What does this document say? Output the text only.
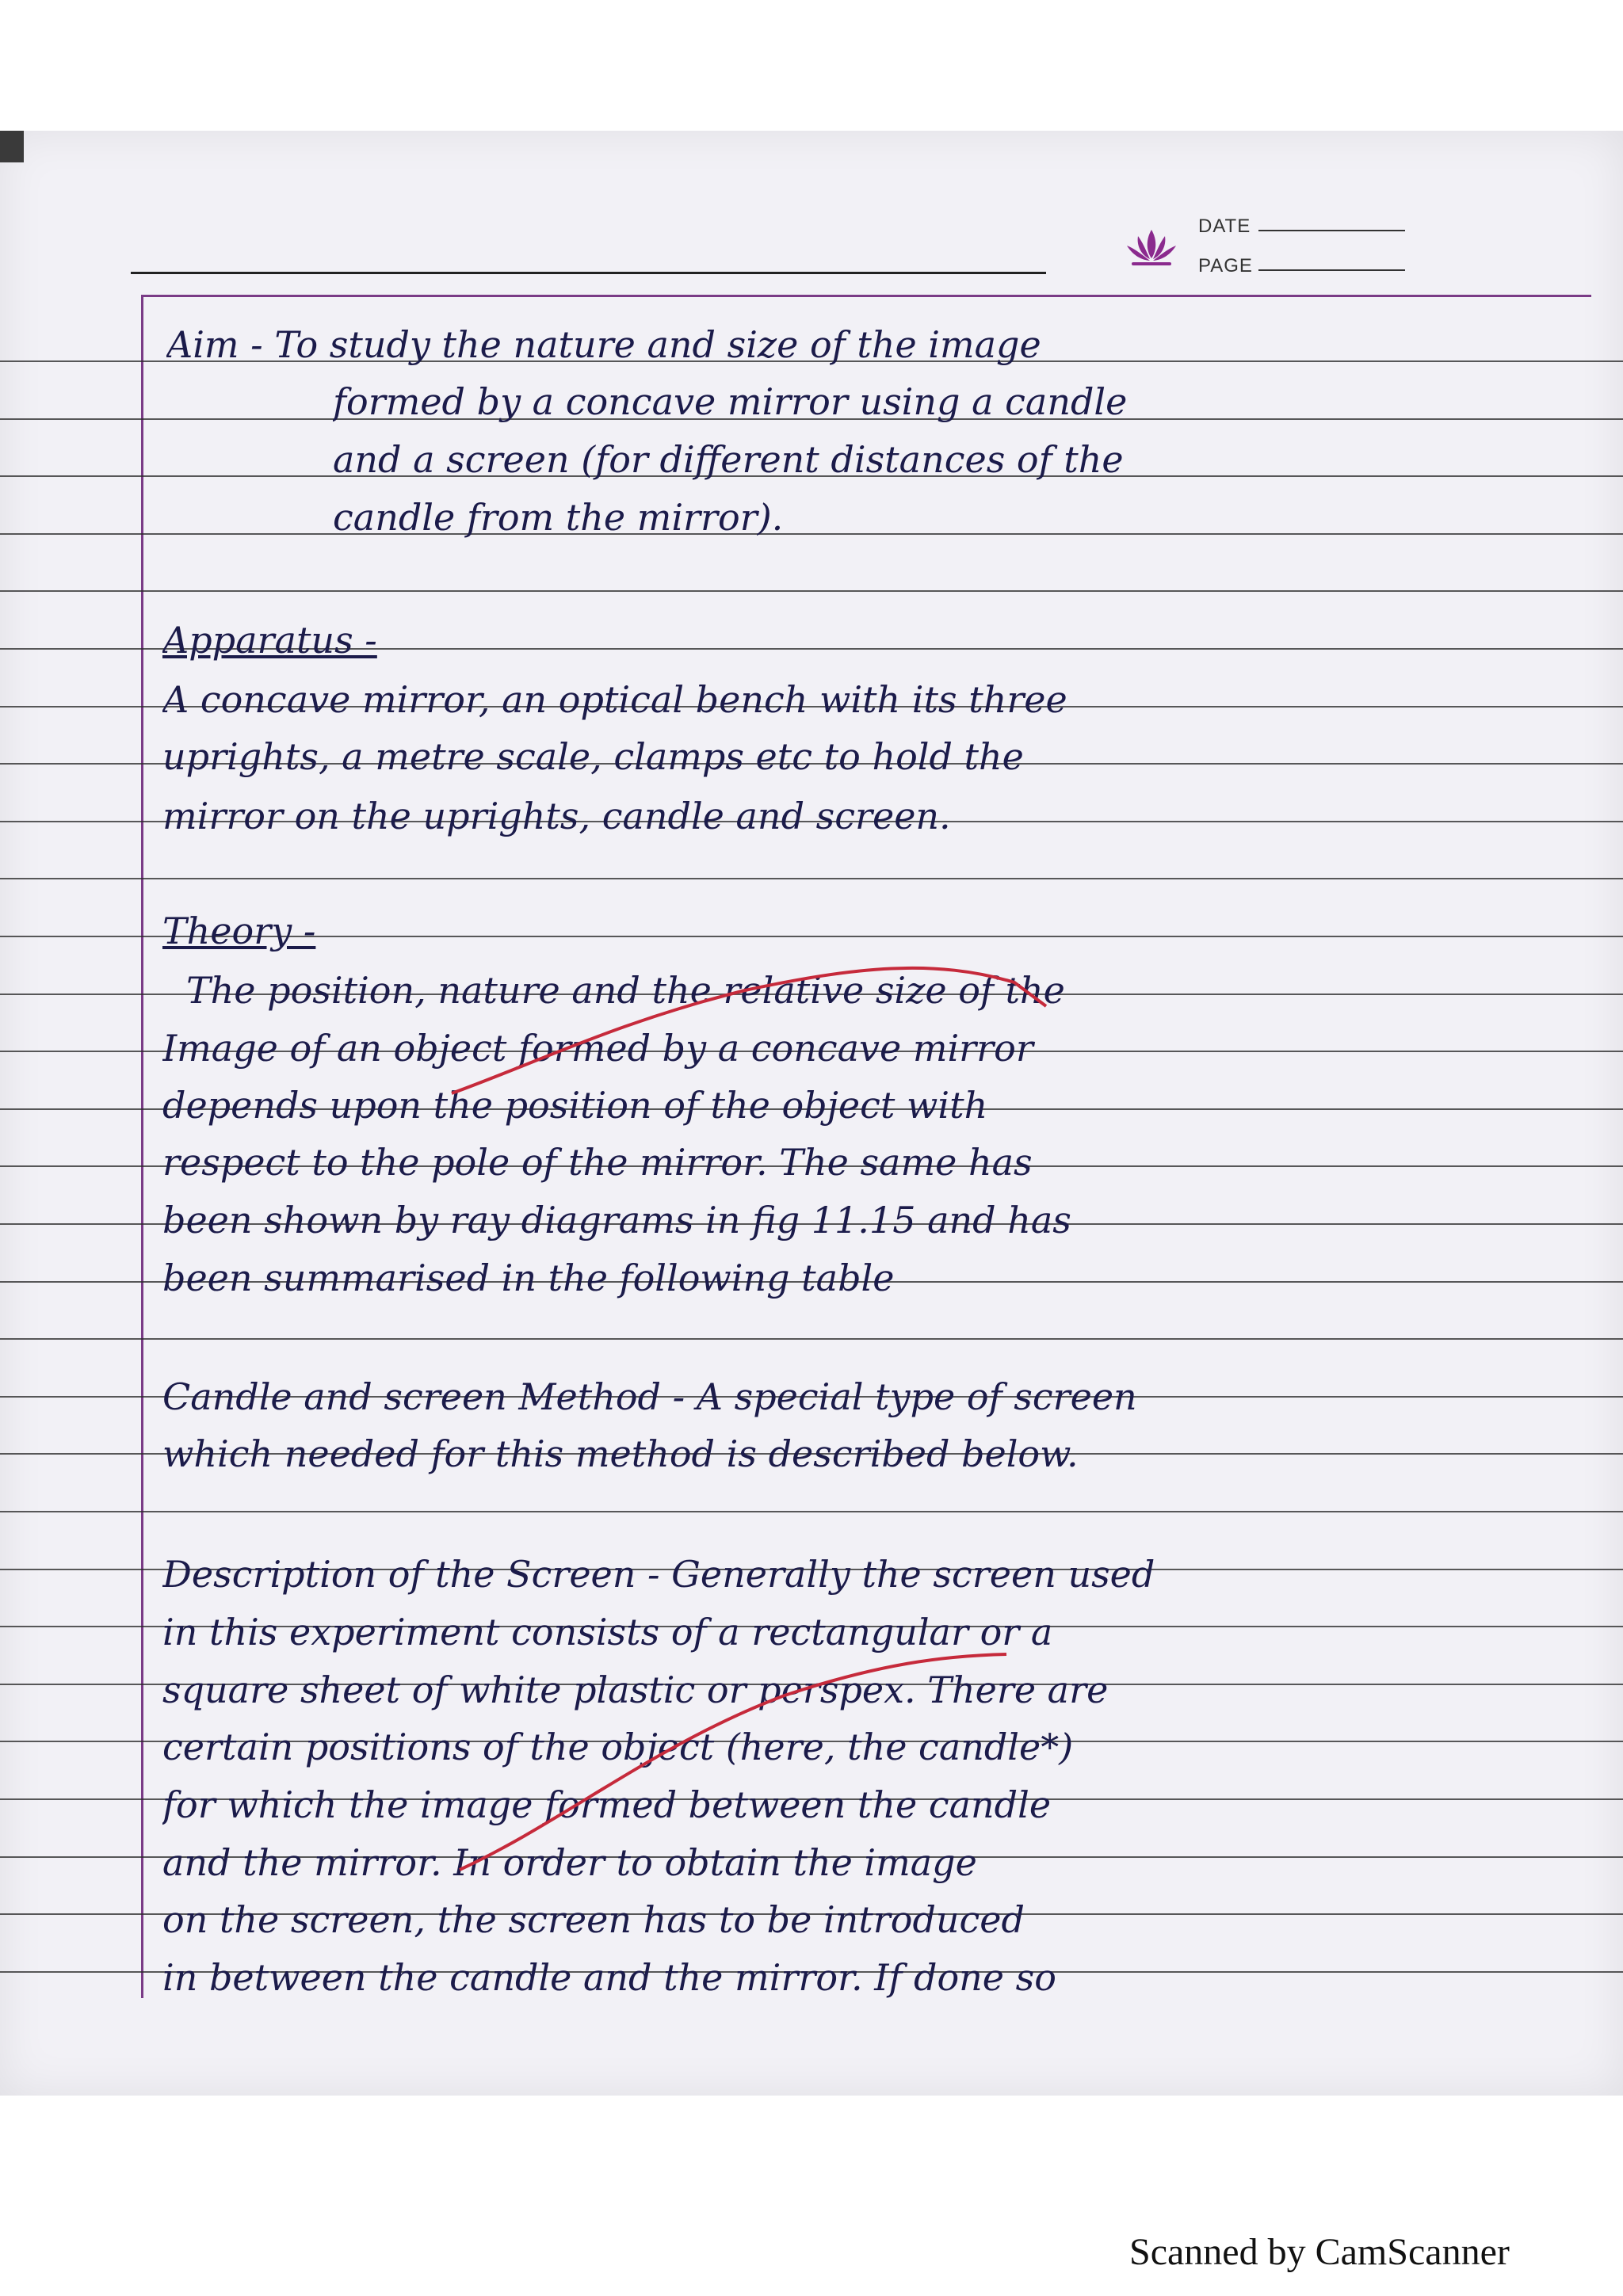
DATE
PAGE
Aim - To study the nature and size of the image
formed by a concave mirror using a candle
and a screen (for different distances of the
candle from the mirror).
Apparatus -
A concave mirror, an optical bench with its three
uprights, a metre scale, clamps etc to hold the
mirror on the uprights, candle and screen.
Theory -
The position, nature and the relative size of the
Image of an object formed by a concave mirror
depends upon the position of the object with
respect to the pole of the mirror. The same has
been shown by ray diagrams in fig 11.15 and has
been summarised in the following table
Candle and screen Method - A special type of screen
which needed for this method is described below.
Description of the Screen - Generally the screen used
in this experiment consists of a rectangular or a
square sheet of white plastic or perspex. There are
certain positions of the object (here, the candle*)
for which the image formed between the candle
and the mirror. In order to obtain the image
on the screen, the screen has to be introduced
in between the candle and the mirror. If done so
Scanned by CamScanner
